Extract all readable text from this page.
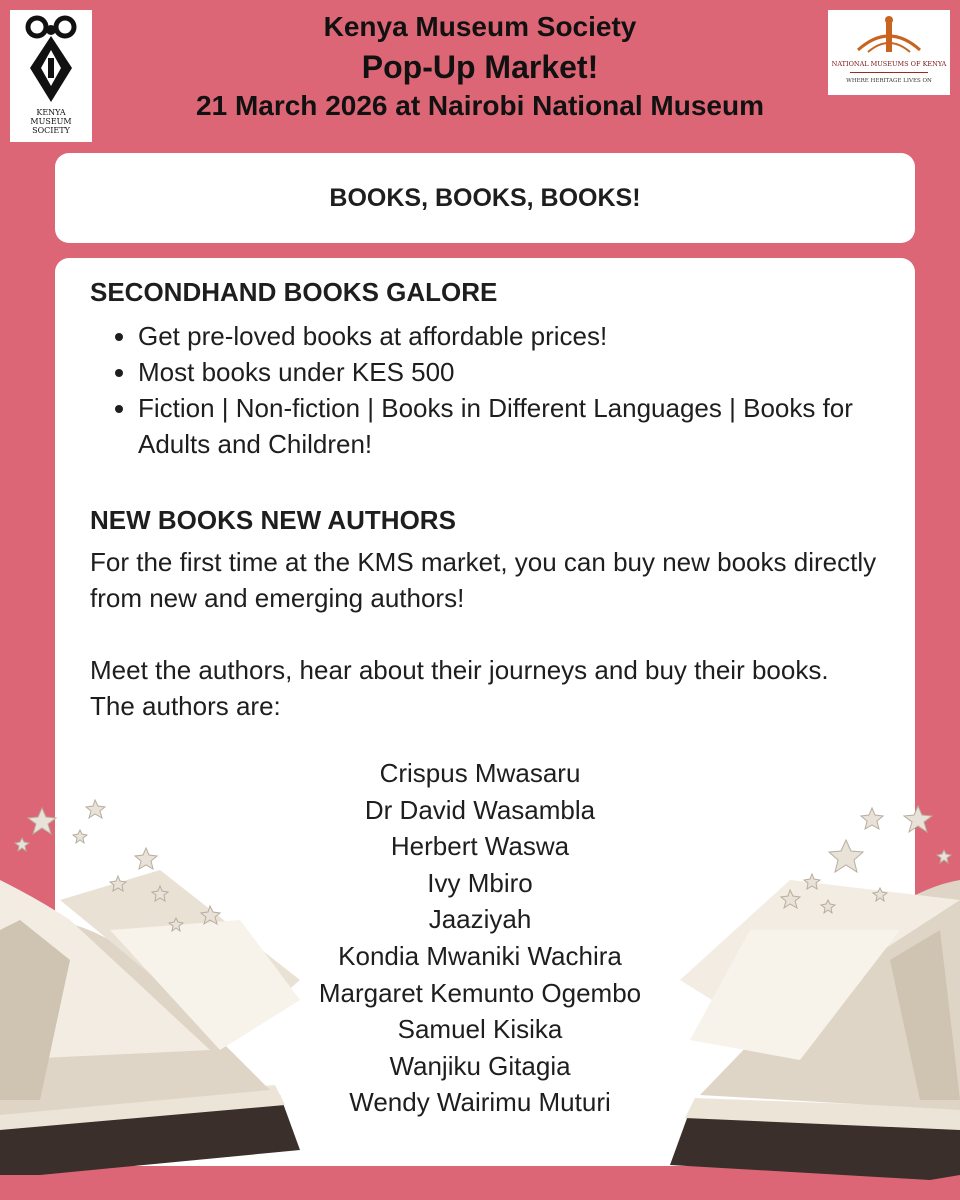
KENYA
MUSEUM
SOCIETY
NATIONAL MUSEUMS OF KENYA
WHERE HERITAGE LIVES ON
Kenya Museum Society
Pop-Up Market!
21 March 2026 at Nairobi National Museum
BOOKS, BOOKS, BOOKS!
SECONDHAND BOOKS GALORE
• Get pre-loved books at affordable prices!
• Most books under KES 500
• Fiction | Non-fiction | Books in Different Languages | Books for Adults and Children!
NEW BOOKS NEW AUTHORS

For the first time at the KMS market, you can buy new books directly from new and emerging authors!

Meet the authors, hear about their journeys and buy their books. The authors are:

Crispus Mwasaru
Dr David Wasambla
Herbert Waswa
Ivy Mbiro
Jaaziyah
Kondia Mwaniki Wachira
Margaret Kemunto Ogembo
Samuel Kisika
Wanjiku Gitagia
Wendy Wairimu Muturi
